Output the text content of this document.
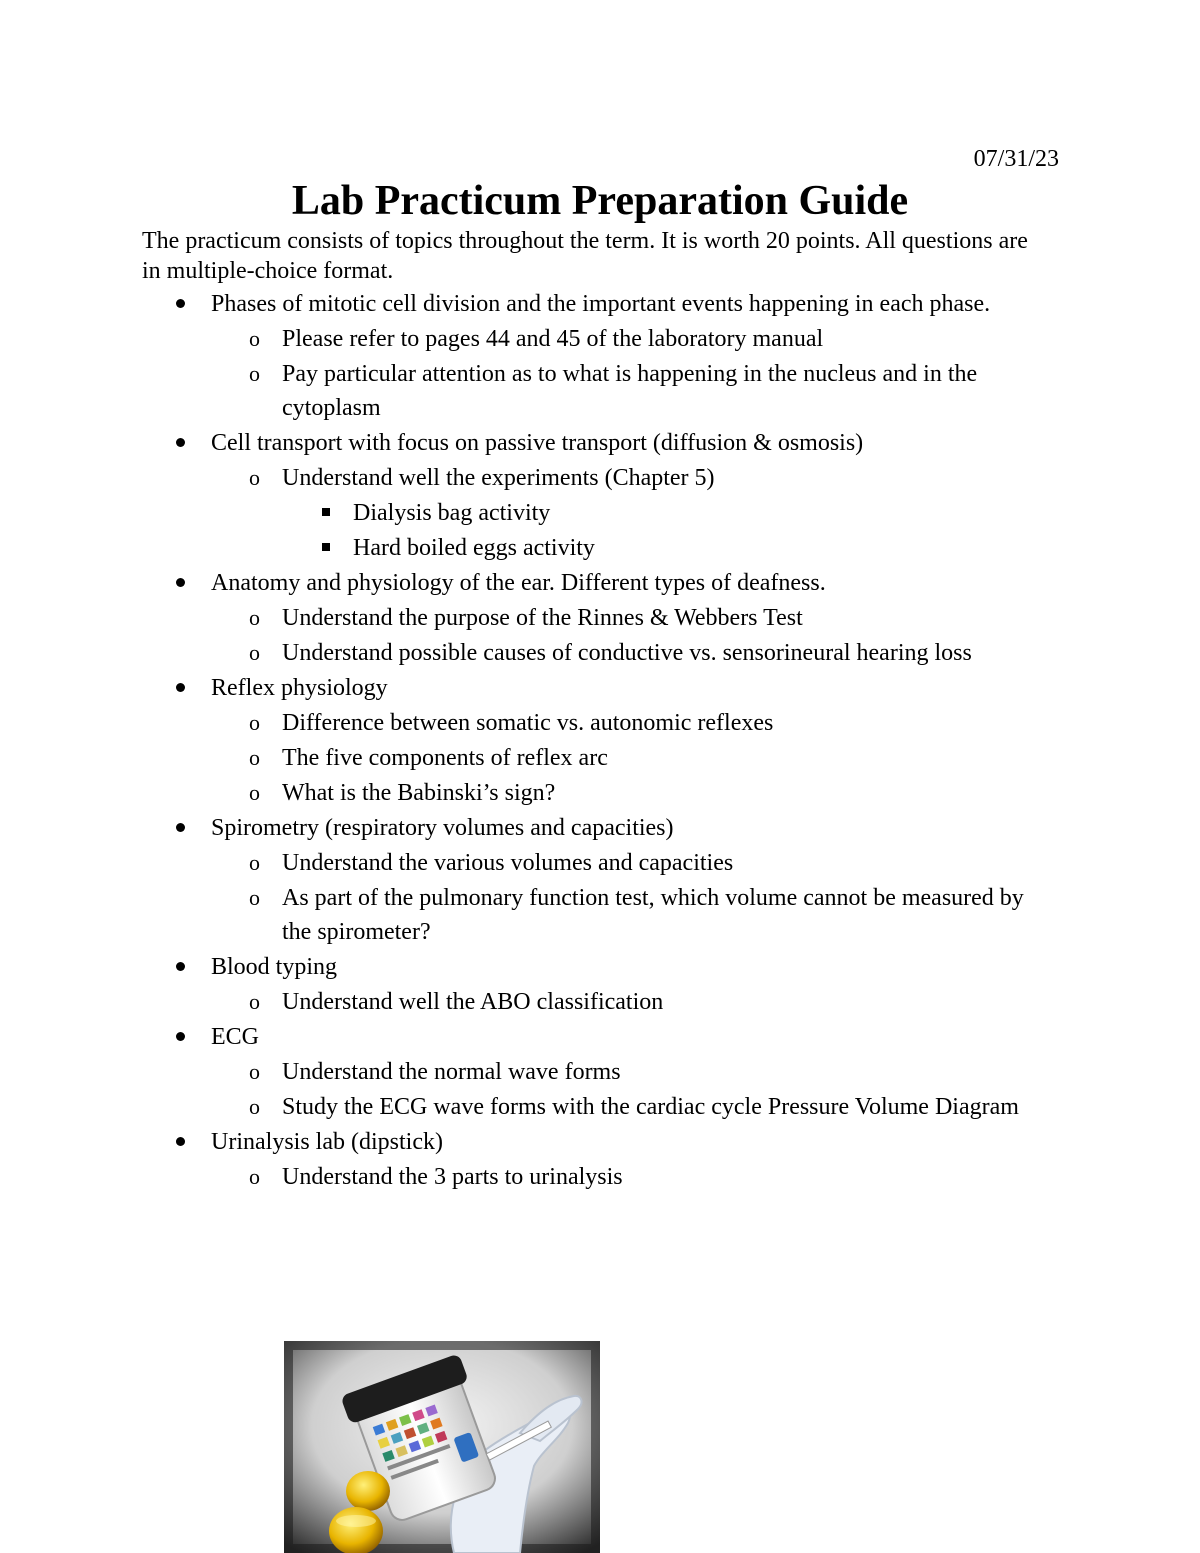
07/31/23
Lab Practicum Preparation Guide
The practicum consists of topics throughout the term. It is worth 20 points. All questions are in multiple-choice format.
Phases of mitotic cell division and the important events happening in each phase.
o Please refer to pages 44 and 45 of the laboratory manual
o Pay particular attention as to what is happening in the nucleus and in the cytoplasm
Cell transport with focus on passive transport (diffusion & osmosis)
o Understand well the experiments (Chapter 5)
Dialysis bag activity
Hard boiled eggs activity
Anatomy and physiology of the ear. Different types of deafness.
o Understand the purpose of the Rinnes & Webbers Test
o Understand possible causes of conductive vs. sensorineural hearing loss
Reflex physiology
o Difference between somatic vs. autonomic reflexes
o The five components of reflex arc
o What is the Babinski’s sign?
Spirometry (respiratory volumes and capacities)
o Understand the various volumes and capacities
o As part of the pulmonary function test, which volume cannot be measured by the spirometer?
Blood typing
o Understand well the ABO classification
ECG
o Understand the normal wave forms
o Study the ECG wave forms with the cardiac cycle Pressure Volume Diagram
Urinalysis lab (dipstick)
o Understand the 3 parts to urinalysis
